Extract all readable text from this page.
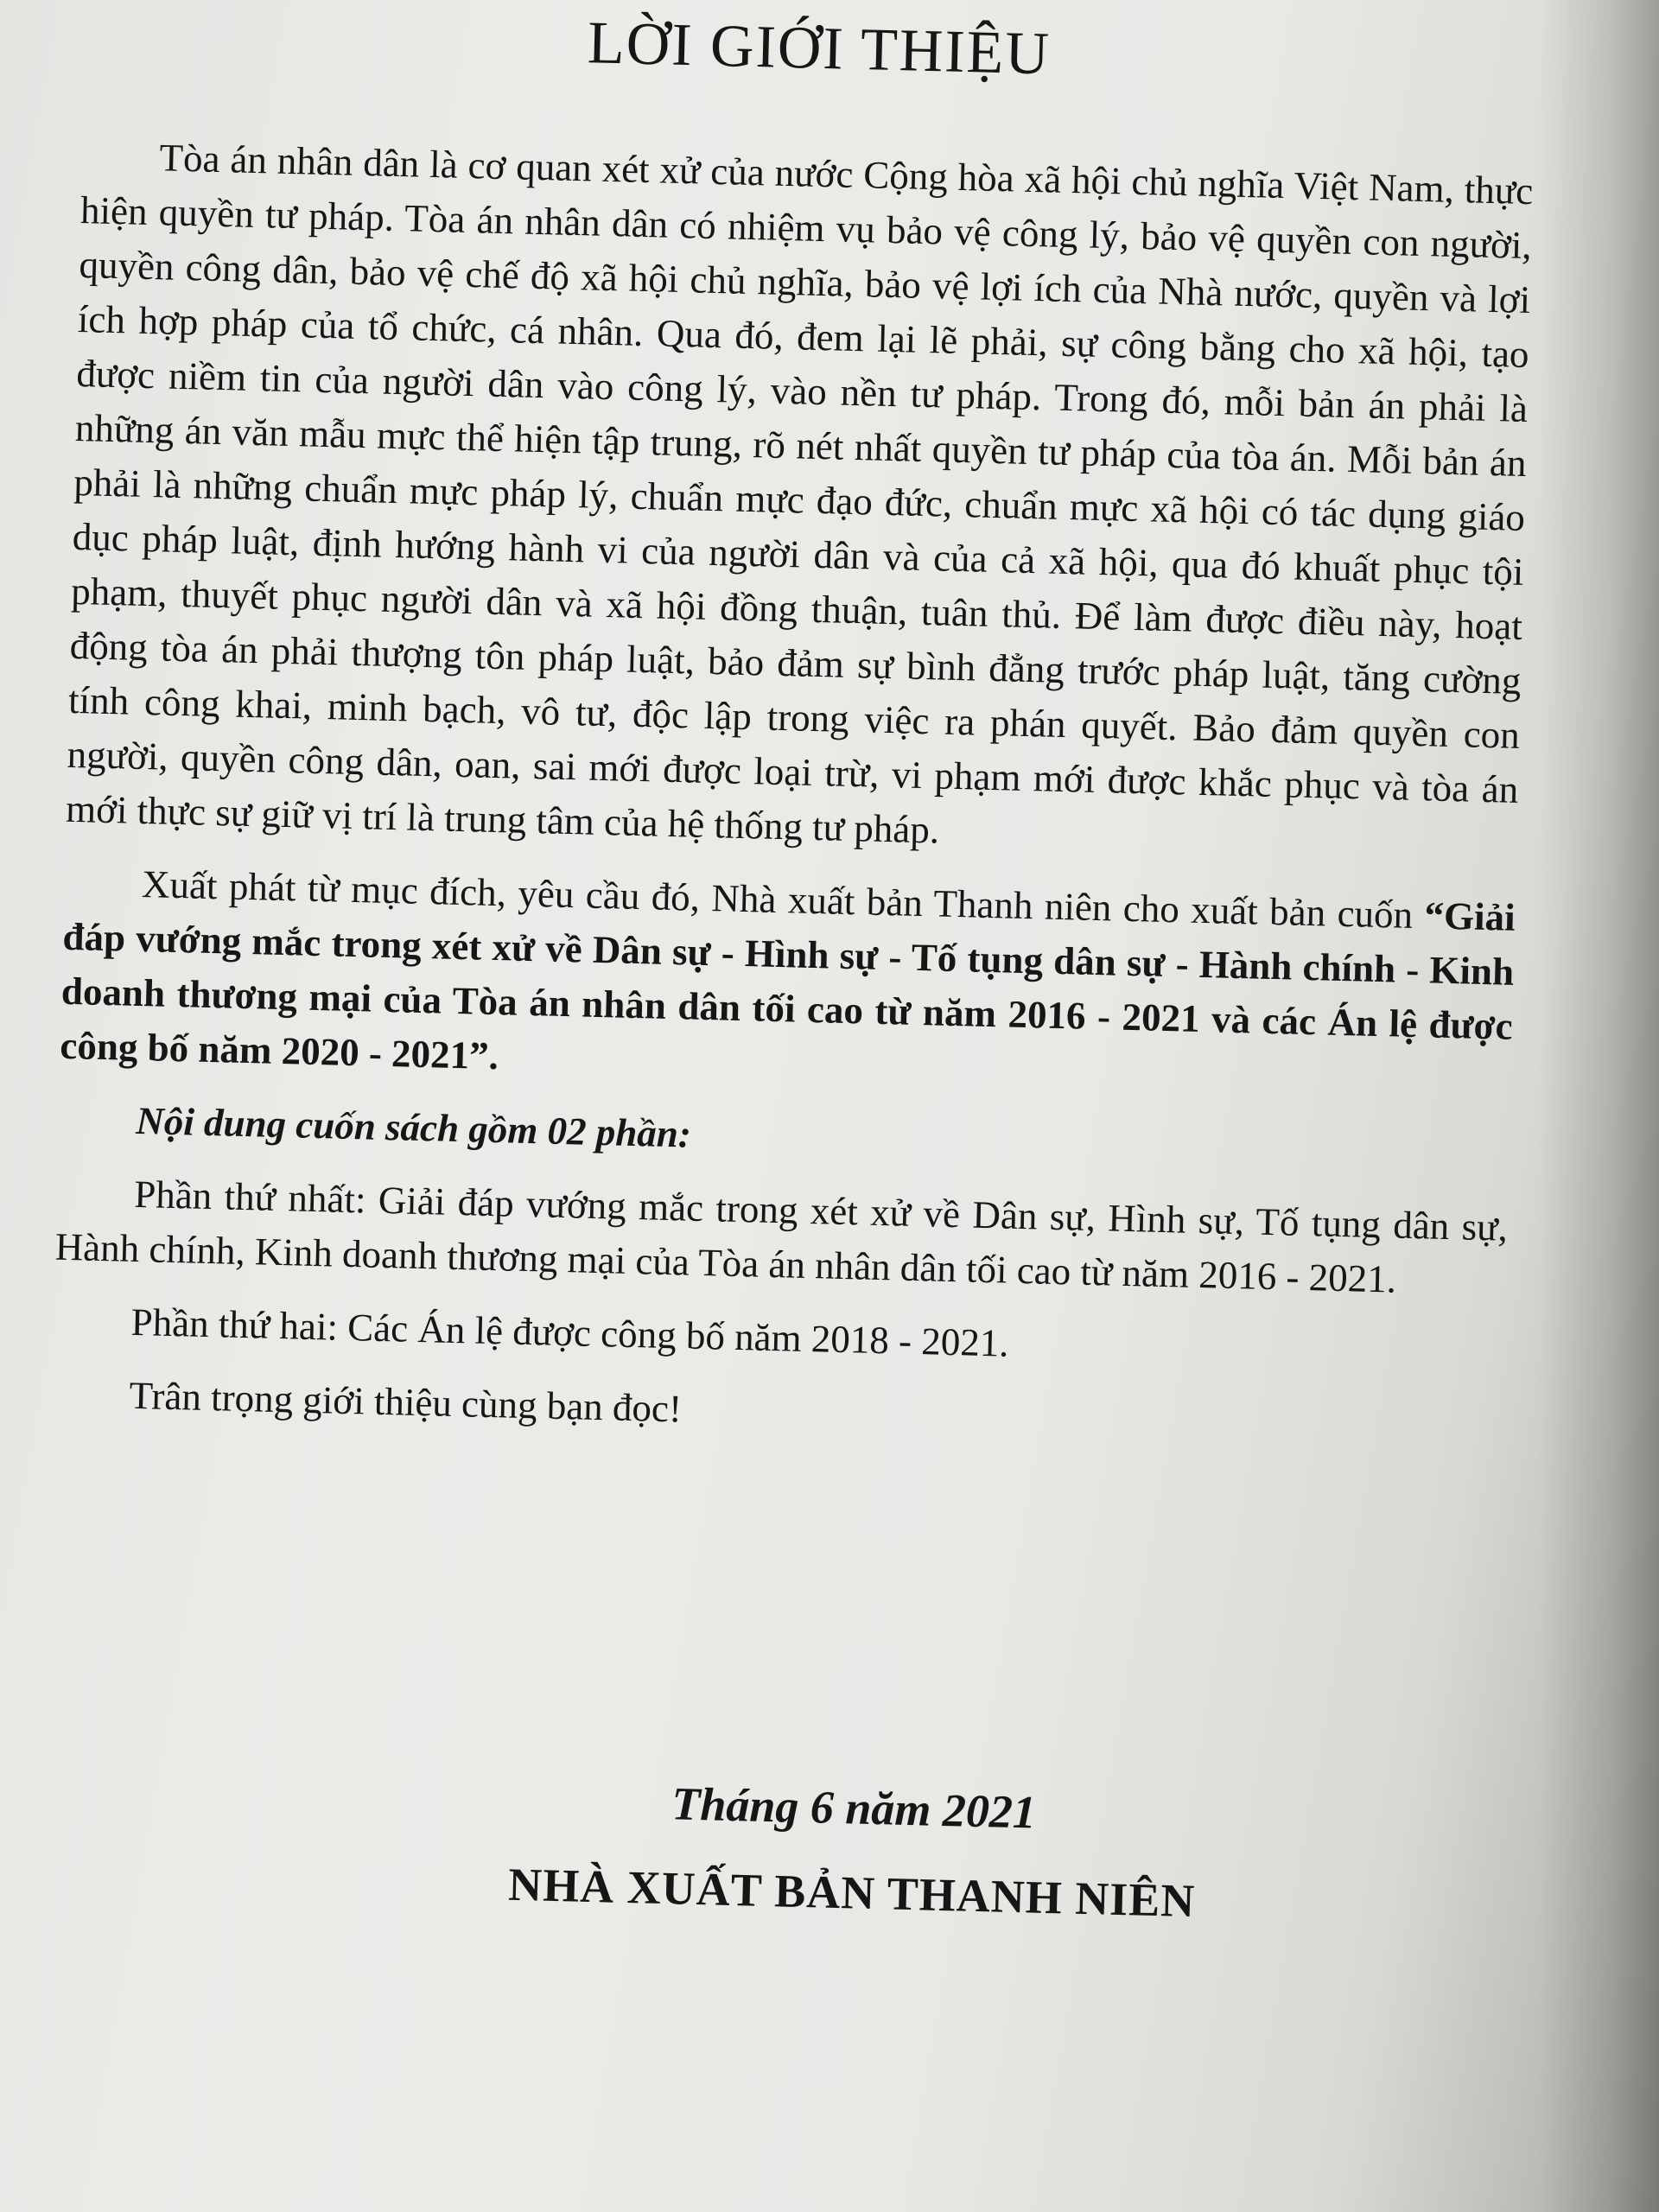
LỜI GIỚI THIỆU

Tòa án nhân dân là cơ quan xét xử của nước Cộng hòa xã hội chủ nghĩa Việt Nam, thực hiện quyền tư pháp. Tòa án nhân dân có nhiệm vụ bảo vệ công lý, bảo vệ quyền con người, quyền công dân, bảo vệ chế độ xã hội chủ nghĩa, bảo vệ lợi ích của Nhà nước, quyền và lợi ích hợp pháp của tổ chức, cá nhân. Qua đó, đem lại lẽ phải, sự công bằng cho xã hội, tạo được niềm tin của người dân vào công lý, vào nền tư pháp. Trong đó, mỗi bản án phải là những án văn mẫu mực thể hiện tập trung, rõ nét nhất quyền tư pháp của tòa án. Mỗi bản án phải là những chuẩn mực pháp lý, chuẩn mực đạo đức, chuẩn mực xã hội có tác dụng giáo dục pháp luật, định hướng hành vi của người dân và của cả xã hội, qua đó khuất phục tội phạm, thuyết phục người dân và xã hội đồng thuận, tuân thủ. Để làm được điều này, hoạt động tòa án phải thượng tôn pháp luật, bảo đảm sự bình đẳng trước pháp luật, tăng cường tính công khai, minh bạch, vô tư, độc lập trong việc ra phán quyết. Bảo đảm quyền con người, quyền công dân, oan, sai mới được loại trừ, vi phạm mới được khắc phục và tòa án mới thực sự giữ vị trí là trung tâm của hệ thống tư pháp.

Xuất phát từ mục đích, yêu cầu đó, Nhà xuất bản Thanh niên cho xuất bản cuốn “Giải đáp vướng mắc trong xét xử về Dân sự - Hình sự - Tố tụng dân sự - Hành chính - Kinh doanh thương mại của Tòa án nhân dân tối cao từ năm 2016 - 2021 và các Án lệ được công bố năm 2020 - 2021”.

Nội dung cuốn sách gồm 02 phần:

Phần thứ nhất: Giải đáp vướng mắc trong xét xử về Dân sự, Hình sự, Tố tụng dân sự, Hành chính, Kinh doanh thương mại của Tòa án nhân dân tối cao từ năm 2016 - 2021.

Phần thứ hai: Các Án lệ được công bố năm 2018 - 2021.

Trân trọng giới thiệu cùng bạn đọc!

Tháng 6 năm 2021

NHÀ XUẤT BẢN THANH NIÊN
